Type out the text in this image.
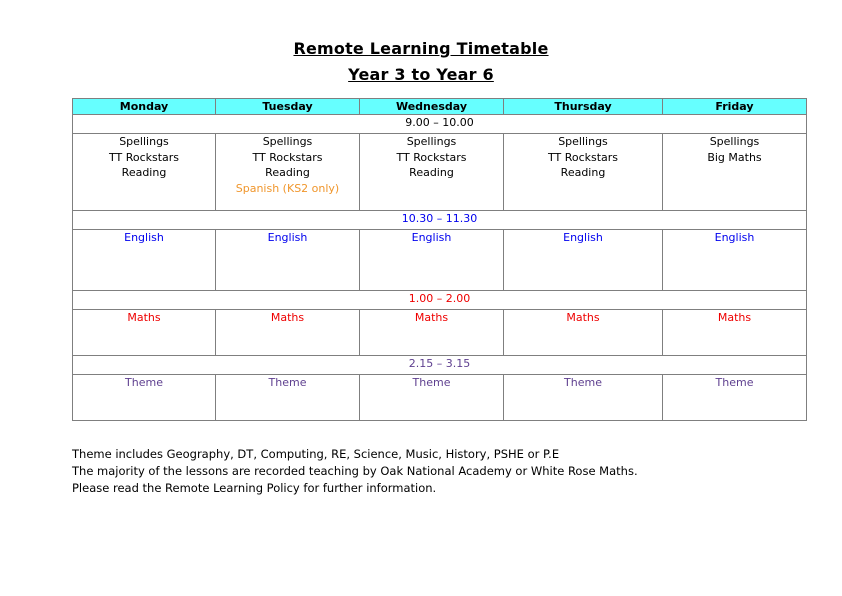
Remote Learning Timetable
Year 3 to Year 6
Monday	Tuesday	Wednesday	Thursday	Friday
9.00 – 10.00				

Spellings
TT Rockstars
Reading	Spellings
TT Rockstars
Reading
Spanish (KS2 only)	Spellings
TT Rockstars
Reading	Spellings
TT Rockstars
Reading	Spellings
Big Maths

10.30 – 11.30				
English	English	English	English	English
1.00 – 2.00				
Maths	Maths	Maths	Maths	Maths
2.15 – 3.15				
Theme	Theme	Theme	Theme	Theme
Theme includes Geography, DT, Computing, RE, Science, Music, History, PSHE or P.E
The majority of the lessons are recorded teaching by Oak National Academy or White Rose Maths.
Please read the Remote Learning Policy for further information.
